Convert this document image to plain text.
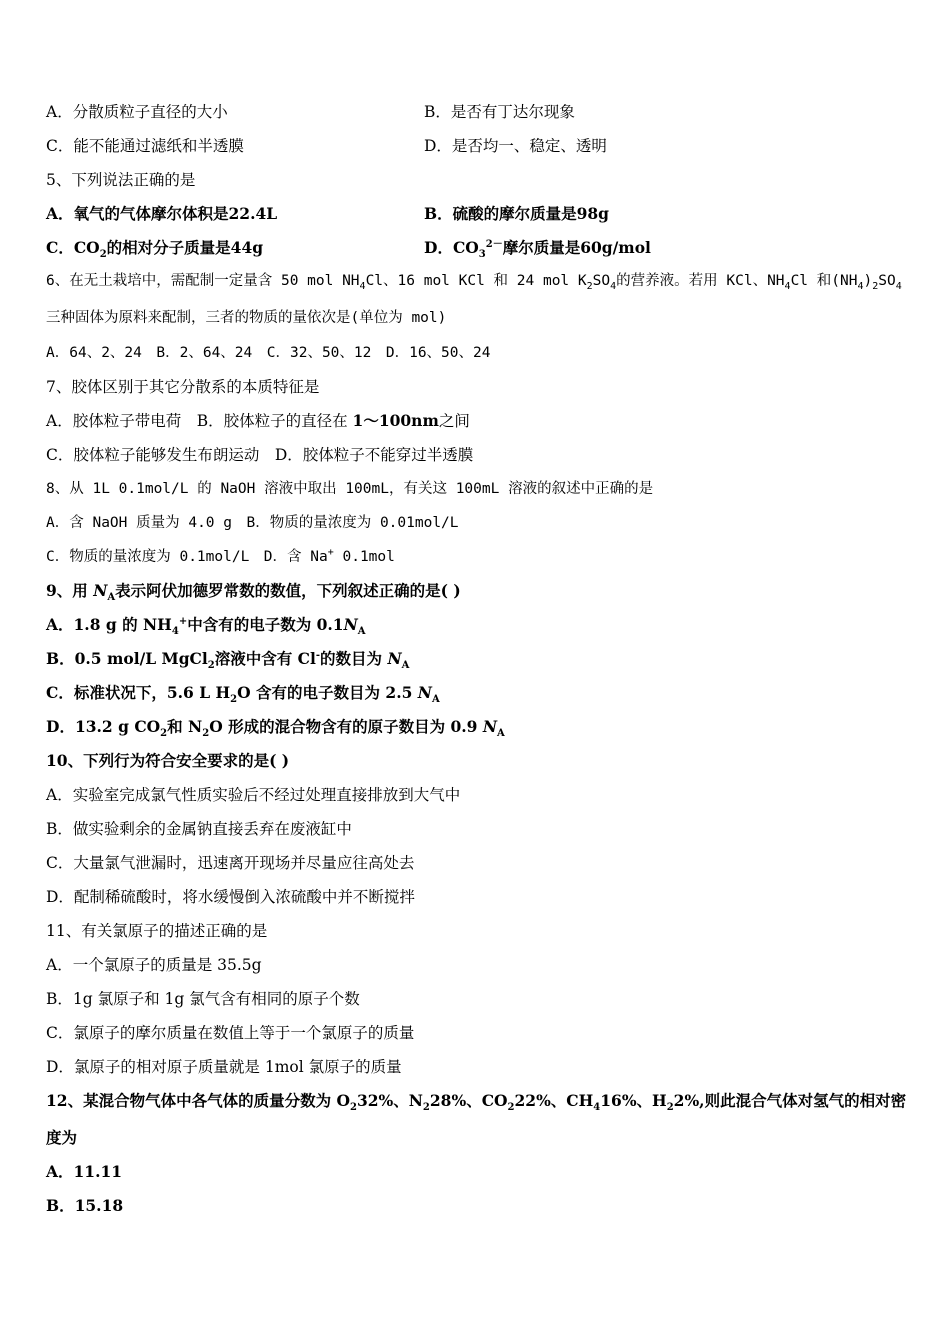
A．分散质粒子直径的大小	B．是否有丁达尔现象
C．能不能通过滤纸和半透膜	D．是否均一、稳定、透明
5、下列说法正确的是
A．氧气的气体摩尔体积是22.4L	B．硫酸的摩尔质量是98g
C．$CO_2$的相对分子质量是44g	D．$CO_3^{2-}$摩尔质量是60g/mol
6、在无土栽培中，需配制一定量含 50 mol $NH_4Cl$、16 mol KCl 和 24 mol $K_2SO_4$的营养液。若用 KCl、$NH_4Cl$ 和$(NH_4)_2SO_4$三种固体为原料来配制，三者的物质的量依次是(单位为 mol)
A．64、2、24　B．2、64、24　C．32、50、12　D．16、50、24
7、胶体区别于其它分散系的本质特征是
A．胶体粒子带电荷　B．胶体粒子的直径在 1～100nm之间
C．胶体粒子能够发生布朗运动　D．胶体粒子不能穿过半透膜
8、从 1L 0.1mol/L 的 NaOH 溶液中取出 100mL，有关这 100mL 溶液的叙述中正确的是
A．含 NaOH 质量为 4.0 g　B．物质的量浓度为 0.01mol/L
C．物质的量浓度为 0.1mol/L　D．含 Na+ 0.1mol
9、用 $N_A$表示阿伏加德罗常数的数值，下列叙述正确的是( )
A．1.8 g 的 $NH_4^+$中含有的电子数为 $0.1N_A$
B．0.5 mol/L MgCl$_2$溶液中含有 Cl-的数目为 $N_A$
C．标准状况下，5.6 L $H_2O$ 含有的电子数目为 2.5 $N_A$
D．13.2 g $CO_2$和 $N_2O$ 形成的混合物含有的原子数目为 0.9 $N_A$
10、下列行为符合安全要求的是( )
A．实验室完成氯气性质实验后不经过处理直接排放到大气中
B．做实验剩余的金属钠直接丢弃在废液缸中
C．大量氯气泄漏时，迅速离开现场并尽量应往高处去
D．配制稀硫酸时，将水缓慢倒入浓硫酸中并不断搅拌
11、有关氯原子的描述正确的是
A．一个氯原子的质量是 35.5g
B．1g 氯原子和 1g 氯气含有相同的原子个数
C．氯原子的摩尔质量在数值上等于一个氯原子的质量
D．氯原子的相对原子质量就是 1mol 氯原子的质量
12、某混合物气体中各气体的质量分数为 $O_232\%$、$N_228\%$、$CO_222\%$、$CH_416\%$、$H_22\%$,则此混合气体对氢气的相对密度为
A．11.11
B．15.18
